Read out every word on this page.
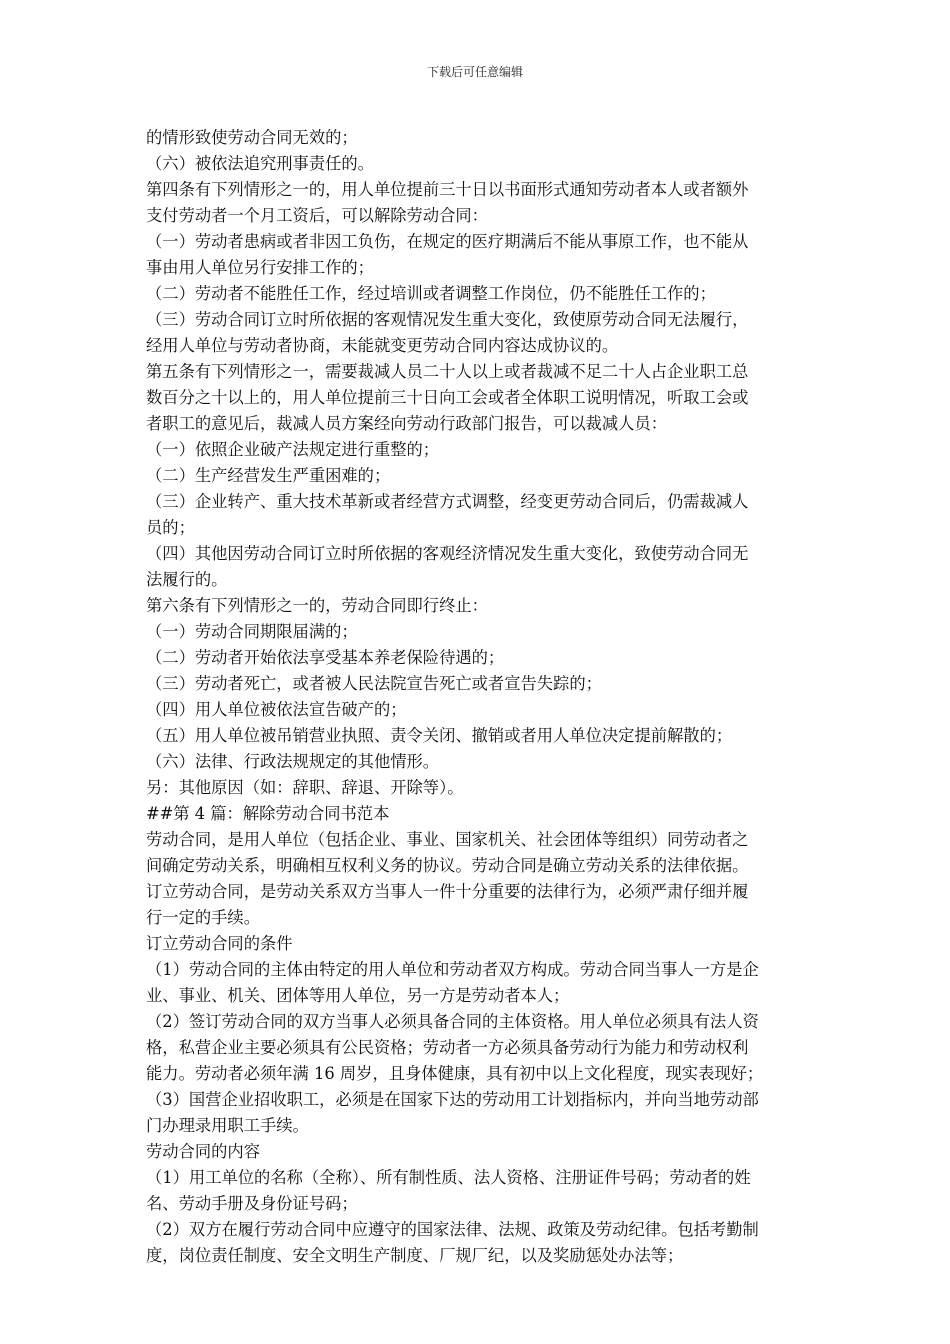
下载后可任意编辑

的情形致使劳动合同无效的；

（六）被依法追究刑事责任的。

第四条有下列情形之一的，用人单位提前三十日以书面形式通知劳动者本人或者额外

支付劳动者一个月工资后，可以解除劳动合同：

（一）劳动者患病或者非因工负伤，在规定的医疗期满后不能从事原工作，也不能从

事由用人单位另行安排工作的；

（二）劳动者不能胜任工作，经过培训或者调整工作岗位，仍不能胜任工作的；

（三）劳动合同订立时所依据的客观情况发生重大变化，致使原劳动合同无法履行，

经用人单位与劳动者协商，未能就变更劳动合同内容达成协议的。

第五条有下列情形之一，需要裁减人员二十人以上或者裁减不足二十人占企业职工总

数百分之十以上的，用人单位提前三十日向工会或者全体职工说明情况，听取工会或

者职工的意见后，裁减人员方案经向劳动行政部门报告，可以裁减人员：

（一）依照企业破产法规定进行重整的；

（二）生产经营发生严重困难的；

（三）企业转产、重大技术革新或者经营方式调整，经变更劳动合同后，仍需裁减人

员的；

（四）其他因劳动合同订立时所依据的客观经济情况发生重大变化，致使劳动合同无

法履行的。

第六条有下列情形之一的，劳动合同即行终止：

（一）劳动合同期限届满的；

（二）劳动者开始依法享受基本养老保险待遇的；

（三）劳动者死亡，或者被人民法院宣告死亡或者宣告失踪的；

（四）用人单位被依法宣告破产的；

（五）用人单位被吊销营业执照、责令关闭、撤销或者用人单位决定提前解散的；

（六）法律、行政法规规定的其他情形。

另：其他原因（如：辞职、辞退、开除等）。

##第 4 篇：解除劳动合同书范本

劳动合同，是用人单位（包括企业、事业、国家机关、社会团体等组织）同劳动者之

间确定劳动关系，明确相互权利义务的协议。劳动合同是确立劳动关系的法律依据。

订立劳动合同，是劳动关系双方当事人一件十分重要的法律行为，必须严肃仔细并履

行一定的手续。

订立劳动合同的条件

（1）劳动合同的主体由特定的用人单位和劳动者双方构成。劳动合同当事人一方是企

业、事业、机关、团体等用人单位，另一方是劳动者本人；

（2）签订劳动合同的双方当事人必须具备合同的主体资格。用人单位必须具有法人资

格，私营企业主要必须具有公民资格；劳动者一方必须具备劳动行为能力和劳动权利

能力。劳动者必须年满 16 周岁，且身体健康，具有初中以上文化程度，现实表现好；

（3）国营企业招收职工，必须是在国家下达的劳动用工计划指标内，并向当地劳动部

门办理录用职工手续。

劳动合同的内容

（1）用工单位的名称（全称）、所有制性质、法人资格、注册证件号码；劳动者的姓

名、劳动手册及身份证号码；

（2）双方在履行劳动合同中应遵守的国家法律、法规、政策及劳动纪律。包括考勤制

度，岗位责任制度、安全文明生产制度、厂规厂纪，以及奖励惩处办法等；
